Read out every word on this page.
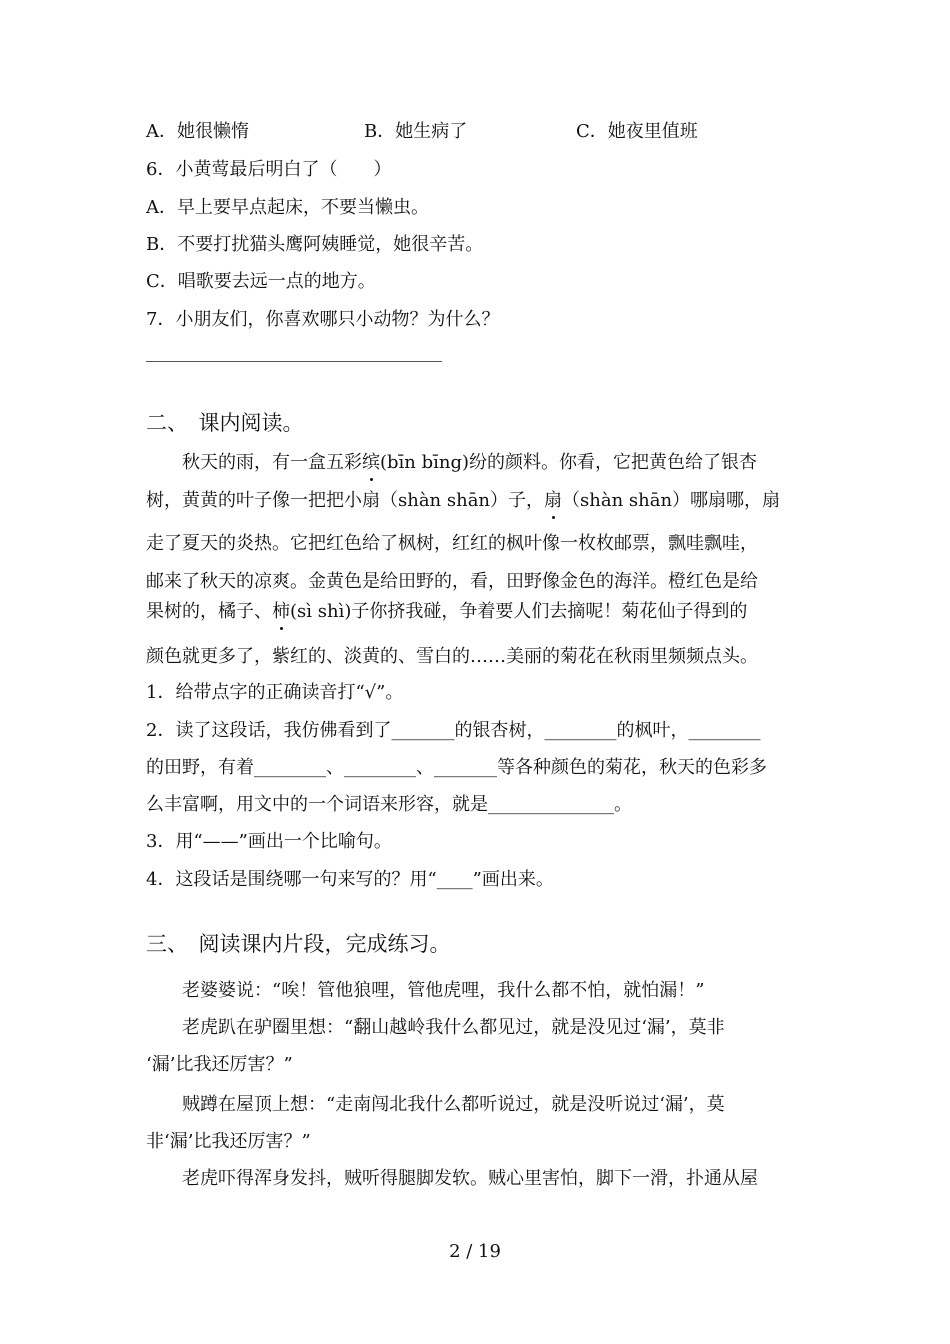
A．她很懒惰	B．她生病了	C．她夜里值班
6．小黄莺最后明白了（　　）
A．早上要早点起床，不要当懒虫。
B．不要打扰猫头鹰阿姨睡觉，她很辛苦。
C．唱歌要去远一点的地方。
7．小朋友们，你喜欢哪只小动物？为什么？
二、　课内阅读。
　　秋天的雨，有一盒五彩缤(bīn bīng)纷的颜料。你看，它把黄色给了银杏
树，黄黄的叶子像一把把小扇（shàn shān）子，扇（shàn shān）哪扇哪，扇
走了夏天的炎热。它把红色给了枫树，红红的枫叶像一枚枚邮票，飘哇飘哇，
邮来了秋天的凉爽。金黄色是给田野的，看，田野像金色的海洋。橙红色是给
果树的，橘子、柿(sì shì)子你挤我碰，争着要人们去摘呢！菊花仙子得到的
颜色就更多了，紫红的、淡黄的、雪白的……美丽的菊花在秋雨里频频点头。
1．给带点字的正确读音打“√”。
2．读了这段话，我仿佛看到了_______的银杏树，________的枫叶，________
的田野，有着________、________、_______等各种颜色的菊花，秋天的色彩多
么丰富啊，用文中的一个词语来形容，就是______________。
3．用“——”画出一个比喻句。
4．这段话是围绕哪一句来写的？用“____”画出来。
三、　阅读课内片段，完成练习。
　　老婆婆说：“唉！管他狼哩，管他虎哩，我什么都不怕，就怕漏！”
　　老虎趴在驴圈里想：“翻山越岭我什么都见过，就是没见过‘漏’，莫非
‘漏’比我还厉害？”
　　贼蹲在屋顶上想：“走南闯北我什么都听说过，就是没听说过‘漏’，莫
非‘漏’比我还厉害？”
　　老虎吓得浑身发抖，贼听得腿脚发软。贼心里害怕，脚下一滑，扑通从屋
2 / 19
